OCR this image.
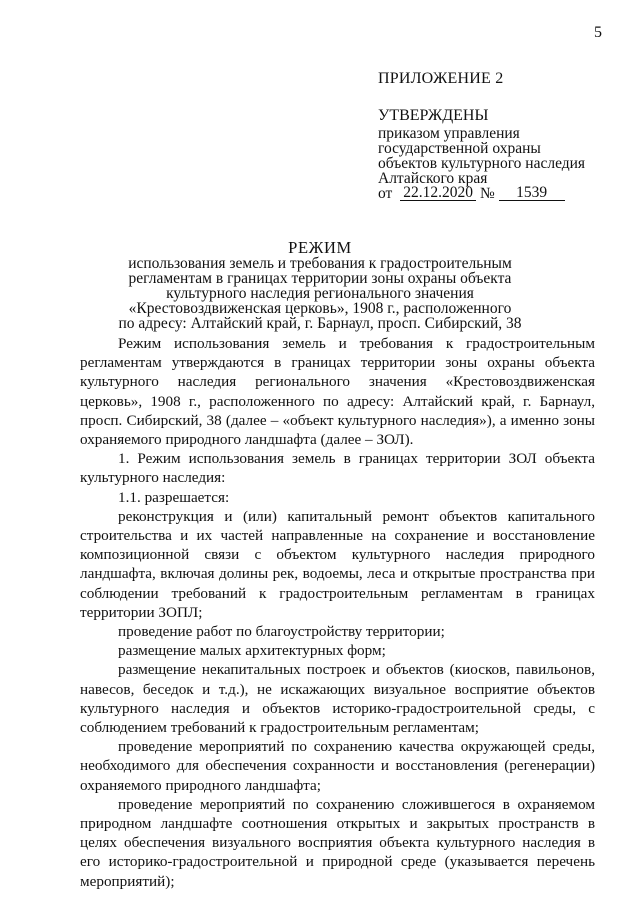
5
ПРИЛОЖЕНИЕ 2
УТВЕРЖДЕНЫ
приказом управления
государственной охраны
объектов культурного наследия
Алтайского края
от
22.12.2020
№
	1539
РЕЖИМ
использования земель и требования к градостроительным
регламентам в границах территории зоны охраны объекта
культурного наследия регионального значения
«Крестовоздвиженская церковь», 1908 г., расположенного
по адресу: Алтайский край, г. Барнаул, просп. Сибирский, 38

Режим использования земель и требования к градостроительным регламентам утверждаются в границах территории зоны охраны объекта культурного наследия регионального значения «Крестовоздвиженская церковь», 1908 г., расположенного по адресу: Алтайский край, г. Барнаул, просп. Сибирский, 38 (далее – «объект культурного наследия»), а именно зоны охраняемого природного ландшафта (далее – ЗОЛ).

1. Режим использования земель в границах территории ЗОЛ объекта культурного наследия:

1.1. разрешается:

реконструкция и (или) капитальный ремонт объектов капитального строительства и их частей направленные на сохранение и восстановление композиционной связи с объектом культурного наследия природного ландшафта, включая долины рек, водоемы, леса и открытые пространства при соблюдении требований к градостроительным регламентам в границах территории ЗОПЛ;

проведение работ по благоустройству территории;

размещение малых архитектурных форм;

размещение некапитальных построек и объектов (киосков, павильонов, навесов, беседок и т.д.), не искажающих визуальное восприятие объектов культурного наследия и объектов историко-градостроительной среды, с соблюдением требований к градостроительным регламентам;

проведение мероприятий по сохранению качества окружающей среды, необходимого для обеспечения сохранности и восстановления (регенерации) охраняемого природного ландшафта;

проведение мероприятий по сохранению сложившегося в охраняемом природном ландшафте соотношения открытых и закрытых пространств в целях обеспечения визуального восприятия объекта культурного наследия в его историко-градостроительной и природной среде (указывается перечень мероприятий);
